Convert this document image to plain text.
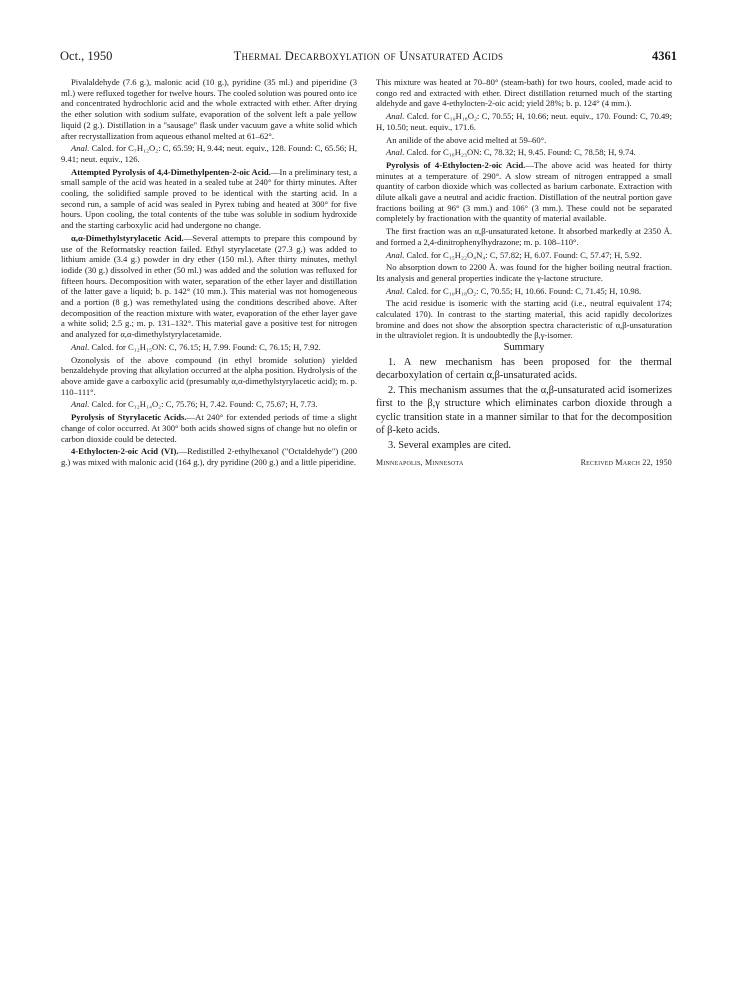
Oct., 1950	Thermal Decarboxylation of Unsaturated Acids	4361

Pivalaldehyde (7.6 g.), malonic acid (10 g.), pyridine (35 ml.) and piperidine (3 ml.) were refluxed together for twelve hours. The cooled solution was poured onto ice and concentrated hydrochloric acid and the whole extracted with ether. After drying the ether solution with sodium sulfate, evaporation of the solvent left a pale yellow liquid (2 g.). Distillation in a "sausage" flask under vacuum gave a white solid which after recrystallization from aqueous ethanol melted at 61–62°.

Anal. Calcd. for C₇H₁₂O₂: C, 65.59; H, 9.44; neut. equiv., 128. Found: C, 65.56; H, 9.41; neut. equiv., 126.

Attempted Pyrolysis of 4,4-Dimethylpenten-2-oic Acid.—In a preliminary test, a small sample of the acid was heated in a sealed tube at 240° for thirty minutes. After cooling, the solidified sample proved to be identical with the starting acid. In a second run, a sample of acid was sealed in Pyrex tubing and heated at 300° for five hours. Upon cooling, the total contents of the tube was soluble in sodium hydroxide and the starting carboxylic acid had undergone no change.

α,α-Dimethylstyrylacetic Acid.—Several attempts to prepare this compound by use of the Reformatsky reaction failed. Ethyl styrylacetate (27.3 g.) was added to lithium amide (3.4 g.) powder in dry ether (150 ml.). After thirty minutes, methyl iodide (30 g.) dissolved in ether (50 ml.) was added and the solution was refluxed for fifteen hours. Decomposition with water, separation of the ether layer and distillation of the latter gave a liquid; b. p. 142° (10 mm.). This material was not homogeneous and a portion (8 g.) was remethylated using the conditions described above. After decomposition of the reaction mixture with water, evaporation of the ether layer gave a white solid; 2.5 g.; m. p. 131–132°. This material gave a positive test for nitrogen and analyzed for α,α-dimethylstyrylacetamide.

Anal. Calcd. for C₁₂H₁₅ON: C, 76.15; H, 7.99. Found: C, 76.15; H, 7.92.

Ozonolysis of the above compound (in ethyl bromide solution) yielded benzaldehyde proving that alkylation occurred at the alpha position. Hydrolysis of the above amide gave a carboxylic acid (presumably α,α-dimethylstyrylacetic acid); m. p. 110–111°.

Anal. Calcd. for C₁₂H₁₄O₂: C, 75.76; H, 7.42. Found: C, 75.67; H, 7.73.

Pyrolysis of Styrylacetic Acids.—At 240° for extended periods of time a slight change of color occurred. At 300° both acids showed signs of change but no olefin or carbon dioxide could be detected.

4-Ethylocten-2-oic Acid (VI).—Redistilled 2-ethylhexanol ("Octaldehyde") (200 g.) was mixed with malonic acid (164 g.), dry pyridine (200 g.) and a little piperidine.

This mixture was heated at 70–80° (steam-bath) for two hours, cooled, made acid to congo red and extracted with ether. Direct distillation returned much of the starting aldehyde and gave 4-ethylocten-2-oic acid; yield 28%; b. p. 124° (4 mm.).

Anal. Calcd. for C₁₀H₁₈O₂: C, 70.55; H, 10.66; neut. equiv., 170. Found: C, 70.49; H, 10.50; neut. equiv., 171.6.

An anilide of the above acid melted at 59–60°.

Anal. Calcd. for C₁₆H₂₃ON: C, 78.32; H, 9.45. Found: C, 78.58; H, 9.74.

Pyrolysis of 4-Ethylocten-2-oic Acid.—The above acid was heated for thirty minutes at a temperature of 290°. A slow stream of nitrogen entrapped a small quantity of carbon dioxide which was collected as barium carbonate. Extraction with dilute alkali gave a neutral and acidic fraction. Distillation of the neutral portion gave fractions boiling at 96° (3 mm.) and 106° (3 mm.). These could not be separated completely by fractionation with the quantity of material available.

The first fraction was an α,β-unsaturated ketone. It absorbed markedly at 2350 Å. and formed a 2,4-dinitrophenylhydrazone; m. p. 108–110°.

Anal. Calcd. for C₁₅H₂₂O₄N₄: C, 57.82; H, 6.07. Found: C, 57.47; H, 5.92.

No absorption down to 2200 Å. was found for the higher boiling neutral fraction. Its analysis and general properties indicate the γ-lactone structure.

Anal. Calcd. for C₁₀H₁₈O₂: C, 70.55; H, 10.66. Found: C, 71.45; H, 10.98.

The acid residue is isomeric with the starting acid (i.e., neutral equivalent 174; calculated 170). In contrast to the starting material, this acid rapidly decolorizes bromine and does not show the absorption spectra characteristic of α,β-unsaturation in the ultraviolet region. It is undoubtedly the β,γ-isomer.

Summary

1. A new mechanism has been proposed for the thermal decarboxylation of certain α,β-unsaturated acids.

2. This mechanism assumes that the α,β-unsaturated acid isomerizes first to the β,γ structure which eliminates carbon dioxide through a cyclic transition state in a manner similar to that for the decomposition of β-keto acids.

3. Several examples are cited.

Minneapolis, Minnesota	Received March 22, 1950
